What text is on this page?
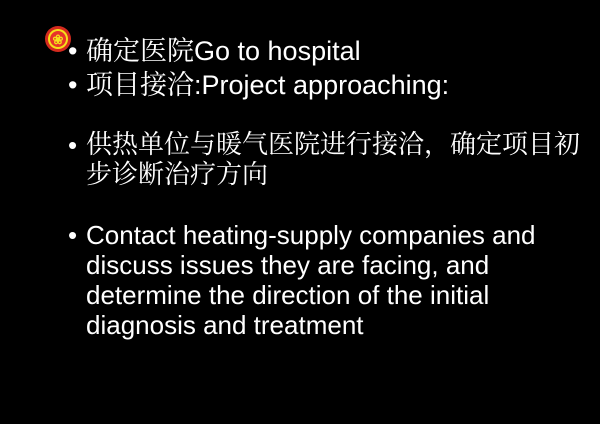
❀ • 确定医院Go to hospital
• 项目接洽:Project approaching:
• 供热单位与暖气医院进行接洽，确定项目初步诊断治疗方向
• Contact heating-supply companies and discuss issues they are facing, and determine the direction of the initial diagnosis and treatment
